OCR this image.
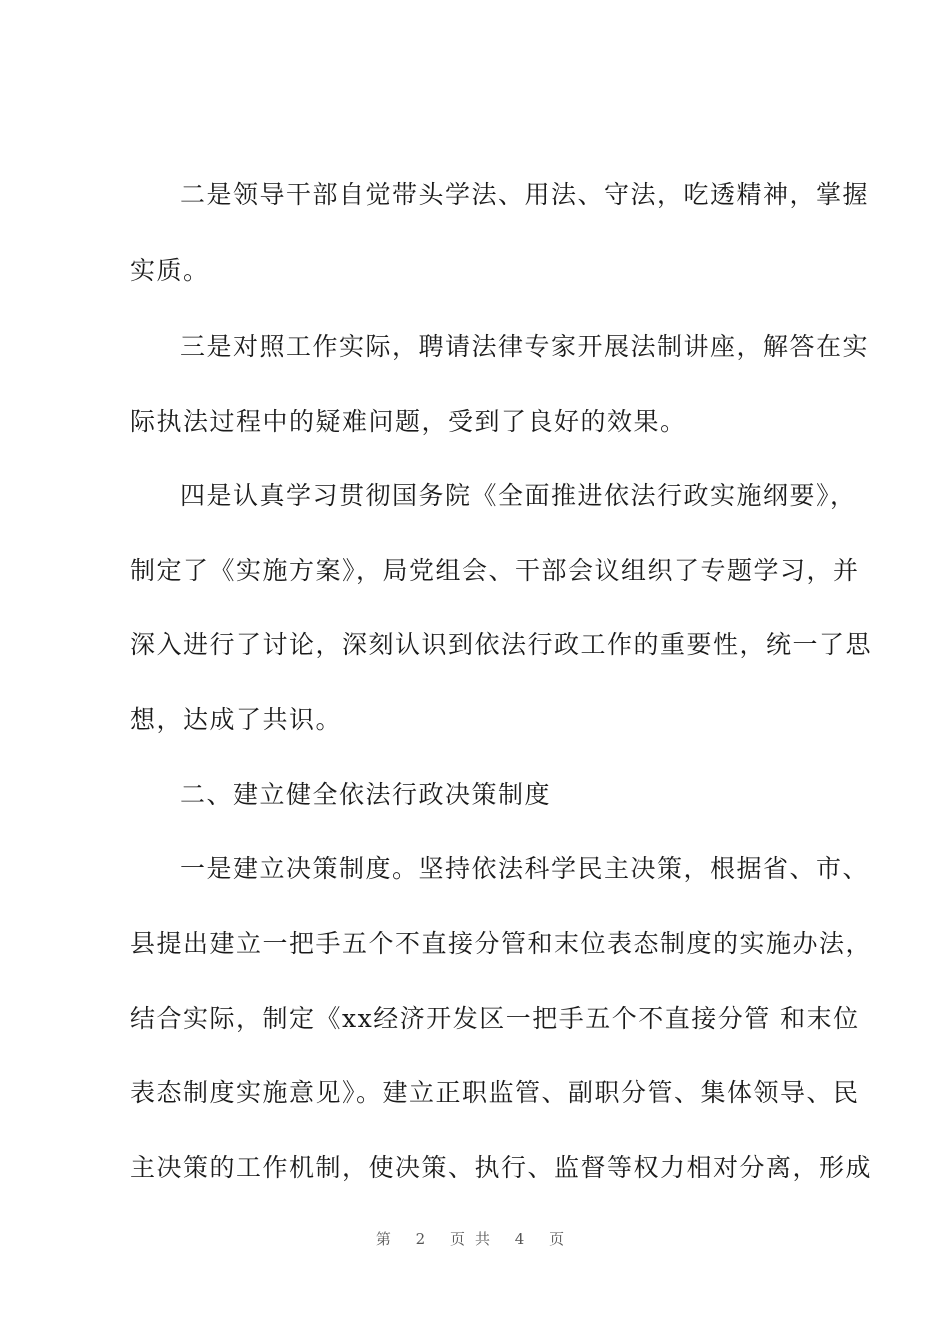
二是领导干部自觉带头学法、用法、守法，吃透精神，掌握
实质。
三是对照工作实际，聘请法律专家开展法制讲座，解答在实
际执法过程中的疑难问题，受到了良好的效果。
四是认真学习贯彻国务院《全面推进依法行政实施纲要》，
制定了《实施方案》，局党组会、干部会议组织了专题学习，并
深入进行了讨论，深刻认识到依法行政工作的重要性，统一了思
想，达成了共识。
二、建立健全依法行政决策制度
一是建立决策制度。坚持依法科学民主决策，根据省、市、
县提出建立一把手五个不直接分管和末位表态制度的实施办法，
结合实际，制定《xx经济开发区一把手五个不直接分管 和末位
表态制度实施意见》。建立正职监管、副职分管、集体领导、民
主决策的工作机制，使决策、执行、监督等权力相对分离，形成
第 2 页共 4 页
